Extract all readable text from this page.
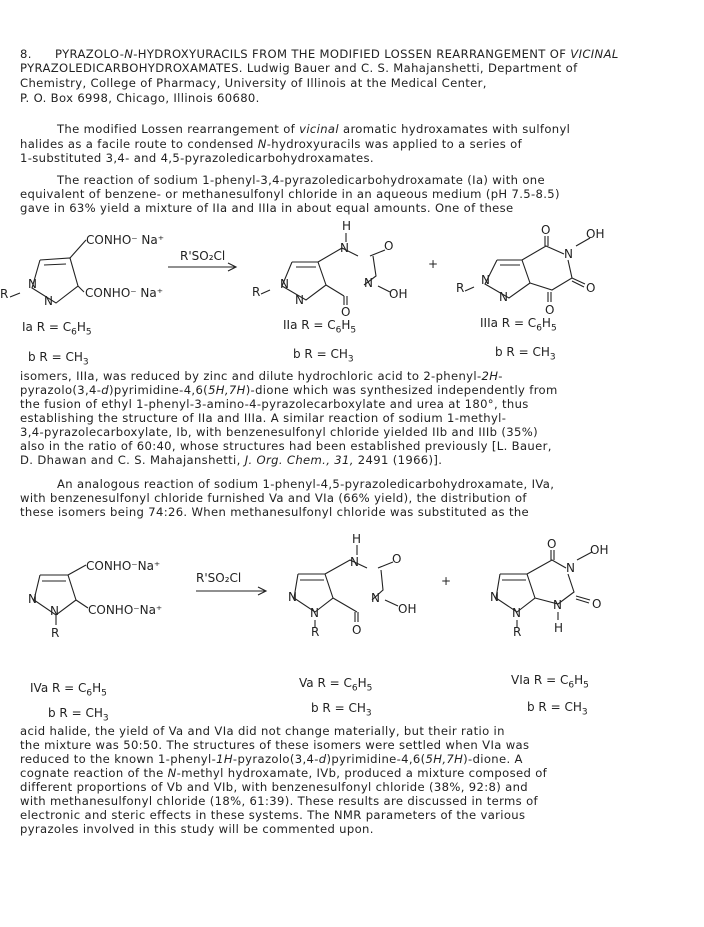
8. PYRAZOLO-N-HYDROXYURACILS FROM THE MODIFIED LOSSEN REARRANGEMENT OF VICINAL
PYRAZOLEDICARBOHYDROXAMATES. Ludwig Bauer and C. S. Mahajanshetti, Department of
Chemistry, College of Pharmacy, University of Illinois at the Medical Center,
P. O. Box 6998, Chicago, Illinois 60680.
The modified Lossen rearrangement of vicinal aromatic hydroxamates with sulfonyl
halides as a facile route to condensed N-hydroxyuracils was applied to a series of
1-substituted 3,4- and 4,5-pyrazoledicarbohydroxamates.
The reaction of sodium 1-phenyl-3,4-pyrazoledicarbohydroxamate (Ia) with one
equivalent of benzene- or methanesulfonyl chloride in an aqueous medium (pH 7.5-8.5)
gave in 63% yield a mixture of IIa and IIIa in about equal amounts. One of these
CONHO⁻ Na⁺
CONHO⁻ Na⁺
N
N
R
R'SO₂Cl
+
H
N	O
N
OH
O
N
N
R
O
N
OH
O
O
N
N
R
Ia $R = C_6H_5$
IIa $R = C_6H_5$
IIIa $R = C_6H_5$
b $R = CH_3$
b $R = CH_3$
b $R = CH_3$
isomers, IIIa, was reduced by zinc and dilute hydrochloric acid to 2-phenyl-2H-
pyrazolo(3,4-d)pyrimidine-4,6(5H,7H)-dione which was synthesized independently from
the fusion of ethyl 1-phenyl-3-amino-4-pyrazolecarboxylate and urea at 180°, thus
establishing the structure of IIa and IIIa. A similar reaction of sodium 1-methyl-
3,4-pyrazolecarboxylate, Ib, with benzenesulfonyl chloride yielded IIb and IIIb (35%)
also in the ratio of 60:40, whose structures had been established previously [L. Bauer,
D. Dhawan and C. S. Mahajanshetti, J. Org. Chem., 31, 2491 (1966)].
An analogous reaction of sodium 1-phenyl-4,5-pyrazoledicarbohydroxamate, IVa,
with benzenesulfonyl chloride furnished Va and VIa (66% yield), the distribution of
these isomers being 74:26. When methanesulfonyl chloride was substituted as the
CONHO⁻Na⁺
CONHO⁻Na⁺
N
N
R
R'SO₂Cl	+
H
N	O
N
OH
O
N
N
R
O
N
OH
O
N
H
N
N
R
IVa $R = C_6H_5$
Va $R = C_6H_5$
VIa $R = C_6H_5$
b $R = CH_3$
b $R = CH_3$	b $R = CH_3$
acid halide, the yield of Va and VIa did not change materially, but their ratio in
the mixture was 50:50. The structures of these isomers were settled when VIa was
reduced to the known 1-phenyl-1H-pyrazolo(3,4-d)pyrimidine-4,6(5H,7H)-dione. A
cognate reaction of the N-methyl hydroxamate, IVb, produced a mixture composed of
different proportions of Vb and VIb, with benzenesulfonyl chloride (38%, 92:8) and
with methanesulfonyl chloride (18%, 61:39). These results are discussed in terms of
electronic and steric effects in these systems. The NMR parameters of the various
pyrazoles involved in this study will be commented upon.
